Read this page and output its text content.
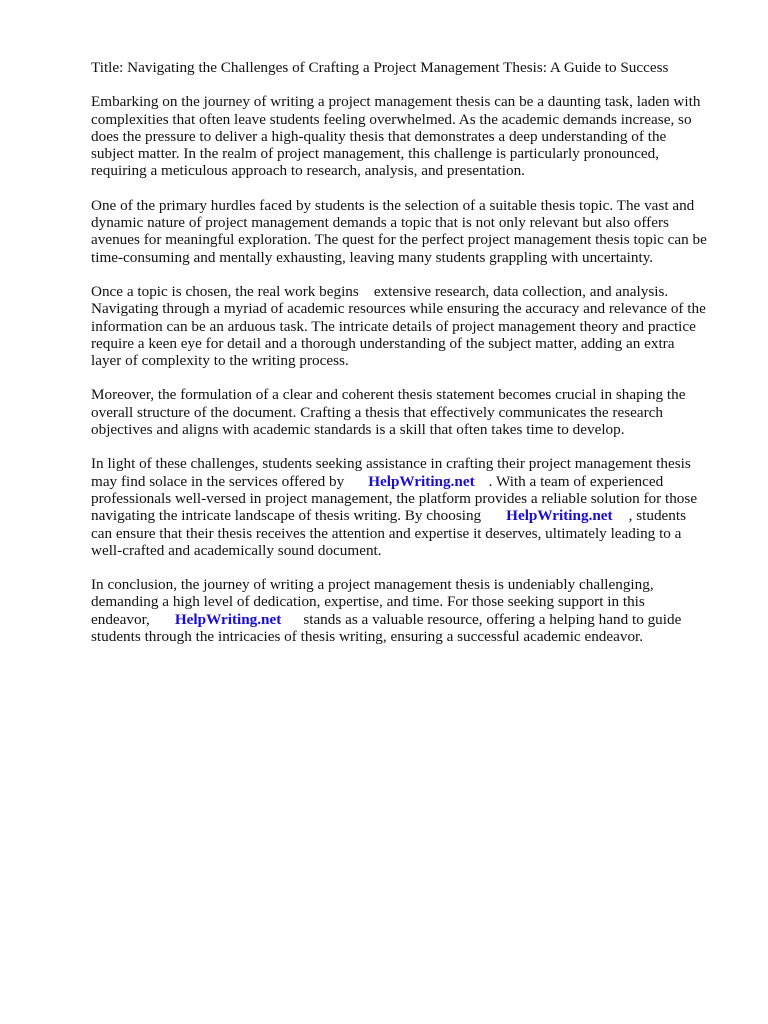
Title: Navigating the Challenges of Crafting a Project Management Thesis: A Guide to Success
Embarking on the journey of writing a project management thesis can be a daunting task, laden with
complexities that often leave students feeling overwhelmed. As the academic demands increase, so
does the pressure to deliver a high-quality thesis that demonstrates a deep understanding of the
subject matter. In the realm of project management, this challenge is particularly pronounced,
requiring a meticulous approach to research, analysis, and presentation.
One of the primary hurdles faced by students is the selection of a suitable thesis topic. The vast and
dynamic nature of project management demands a topic that is not only relevant but also offers
avenues for meaningful exploration. The quest for the perfect project management thesis topic can be
time-consuming and mentally exhausting, leaving many students grappling with uncertainty.
Once a topic is chosen, the real work begins extensive research, data collection, and analysis.
Navigating through a myriad of academic resources while ensuring the accuracy and relevance of the
information can be an arduous task. The intricate details of project management theory and practice
require a keen eye for detail and a thorough understanding of the subject matter, adding an extra
layer of complexity to the writing process.
Moreover, the formulation of a clear and coherent thesis statement becomes crucial in shaping the
overall structure of the document. Crafting a thesis that effectively communicates the research
objectives and aligns with academic standards is a skill that often takes time to develop.
In light of these challenges, students seeking assistance in crafting their project management thesis
may find solace in the services offered by HelpWriting.net . With a team of experienced
professionals well-versed in project management, the platform provides a reliable solution for those
navigating the intricate landscape of thesis writing. By choosing HelpWriting.net , students
can ensure that their thesis receives the attention and expertise it deserves, ultimately leading to a
well-crafted and academically sound document.
In conclusion, the journey of writing a project management thesis is undeniably challenging,
demanding a high level of dedication, expertise, and time. For those seeking support in this
endeavor, HelpWriting.net stands as a valuable resource, offering a helping hand to guide
students through the intricacies of thesis writing, ensuring a successful academic endeavor.
